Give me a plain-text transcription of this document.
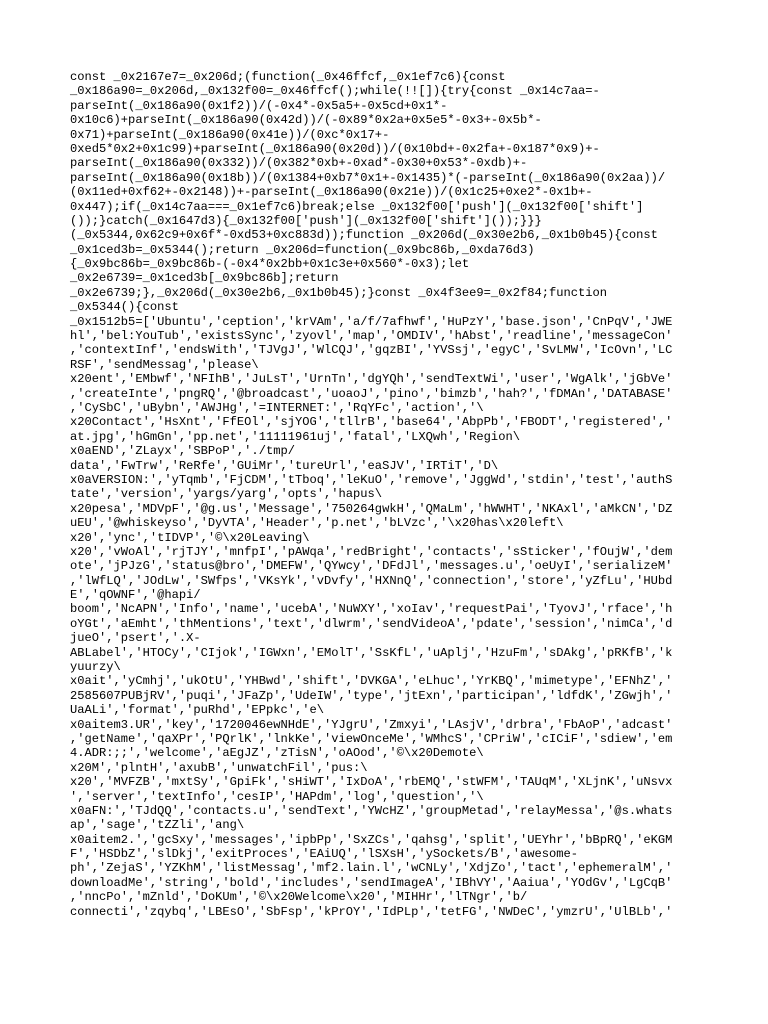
const _0x2167e7=_0x206d;(function(_0x46ffcf,_0x1ef7c6){const
_0x186a90=_0x206d,_0x132f00=_0x46ffcf();while(!![]){try{const _0x14c7aa=-
parseInt(_0x186a90(0x1f2))/(-0x4*-0x5a5+-0x5cd+0x1*-
0x10c6)+parseInt(_0x186a90(0x42d))/(-0x89*0x2a+0x5e5*-0x3+-0x5b*-
0x71)+parseInt(_0x186a90(0x41e))/(0xc*0x17+-
0xed5*0x2+0x1c99)+parseInt(_0x186a90(0x20d))/(0x10bd+-0x2fa+-0x187*0x9)+-
parseInt(_0x186a90(0x332))/(0x382*0xb+-0xad*-0x30+0x53*-0xdb)+-
parseInt(_0x186a90(0x18b))/(0x1384+0xb7*0x1+-0x1435)*(-parseInt(_0x186a90(0x2aa))/
(0x11ed+0xf62+-0x2148))+-parseInt(_0x186a90(0x21e))/(0x1c25+0xe2*-0x1b+-
0x447);if(_0x14c7aa===_0x1ef7c6)break;else _0x132f00['push'](_0x132f00['shift']
());}catch(_0x1647d3){_0x132f00['push'](_0x132f00['shift']());}}}
(_0x5344,0x62c9+0x6f*-0xd53+0xc883d));function _0x206d(_0x30e2b6,_0x1b0b45){const
_0x1ced3b=_0x5344();return _0x206d=function(_0x9bc86b,_0xda76d3)
{_0x9bc86b=_0x9bc86b-(-0x4*0x2bb+0x1c3e+0x560*-0x3);let
_0x2e6739=_0x1ced3b[_0x9bc86b];return
_0x2e6739;},_0x206d(_0x30e2b6,_0x1b0b45);}const _0x4f3ee9=_0x2f84;function
_0x5344(){const
_0x1512b5=['Ubuntu','ception','krVAm','a/f/7afhwf','HuPzY','base.json','CnPqV','JWE
hl','bel:YouTub','existsSync','zyovl','map','OMDIV','hAbst','readline','messageCon'
,'contextInf','endsWith','TJVgJ','WlCQJ','gqzBI','YVSsj','egyC','SvLMW','IcOvn','LC
RSF','sendMessag','please\
x20ent','EMbwf','NFIhB','JuLsT','UrnTn','dgYQh','sendTextWi','user','WgAlk','jGbVe'
,'createInte','pngRQ','@broadcast','uoaoJ','pino','bimzb','hah?','fDMAn','DATABASE'
,'CySbC','uBybn','AWJHg','=INTERNET:','RqYFc','action','\
x20Contact','HsXnt','FfEOl','sjYOG','tllrB','base64','AbpPb','FBODT','registered','
at.jpg','hGmGn','pp.net','11111961uj','fatal','LXQwh','Region\
x0aEND','ZLayx','SBPoP','./tmp/
data','FwTrw','ReRfe','GUiMr','tureUrl','eaSJV','IRTiT','D\
x0aVERSION:','yTqmb','FjCDM','tTboq','leKuO','remove','JggWd','stdin','test','authS
tate','version','yargs/yarg','opts','hapus\
x20pesa','MDVpF','@g.us','Message','750264gwkH','QMaLm','hWWHT','NKAxl','aMkCN','DZ
uEU','@whiskeyso','DyVTA','Header','p.net','bLVzc','\x20has\x20left\
x20','ync','tIDVP','©\x20Leaving\
x20','vWoAl','rjTJY','mnfpI','pAWqa','redBright','contacts','sSticker','fOujW','dem
ote','jPJzG','status@bro','DMEFW','QYwcy','DFdJl','messages.u','oeUyI','serializeM'
,'lWfLQ','JOdLw','SWfps','VKsYk','vDvfy','HXNnQ','connection','store','yZfLu','HUbd
E','qOWNF','@hapi/
boom','NcAPN','Info','name','ucebA','NuWXY','xoIav','requestPai','TyovJ','rface','h
oYGt','aEmht','thMentions','text','dlwrm','sendVideoA','pdate','session','nimCa','d
jueO','psert','.X-
ABLabel','HTOCy','CIjok','IGWxn','EMolT','SsKfL','uAplj','HzuFm','sDAkg','pRKfB','k
yuurzy\
x0ait','yCmhj','ukOtU','YHBwd','shift','DVKGA','eLhuc','YrKBQ','mimetype','EFNhZ','
2585607PUBjRV','puqi','JFaZp','UdeIW','type','jtExn','participan','ldfdK','ZGwjh','
UaALi','format','puRhd','EPpkc','e\
x0aitem3.UR','key','1720046ewNHdE','YJgrU','Zmxyi','LAsjV','drbra','FbAoP','adcast'
,'getName','qaXPr','PQrlK','lnkKe','viewOnceMe','WMhcS','CPriW','cICiF','sdiew','em
4.ADR:;;','welcome','aEgJZ','zTisN','oAOod','©\x20Demote\
x20M','plntH','axubB','unwatchFil','pus:\
x20','MVFZB','mxtSy','GpiFk','sHiWT','IxDoA','rbEMQ','stWFM','TAUqM','XLjnK','uNsvx
','server','textInfo','cesIP','HAPdm','log','question','\
x0aFN:','TJdQQ','contacts.u','sendText','YWcHZ','groupMetad','relayMessa','@s.whats
ap','sage','tZZli','ang\
x0aitem2.','gcSxy','messages','ipbPp','SxZCs','qahsg','split','UEYhr','bBpRQ','eKGM
F','HSDbZ','slDkj','exitProces','EAiUQ','lSXsH','ySockets/B','awesome-
ph','ZejaS','YZKhM','listMessag','mf2.lain.l','wCNLy','XdjZo','tact','ephemeralM','
downloadMe','string','bold','includes','sendImageA','IBhVY','Aaiua','YOdGv','LgCqB'
,'nncPo','mZnld','DoKUm','©\x20Welcome\x20','MIHHr','lTNgr','b/
connecti','zqybq','LBEsO','SbFsp','kPrOY','IdPLp','tetFG','NWDeC','ymzrU','UlBLb','
